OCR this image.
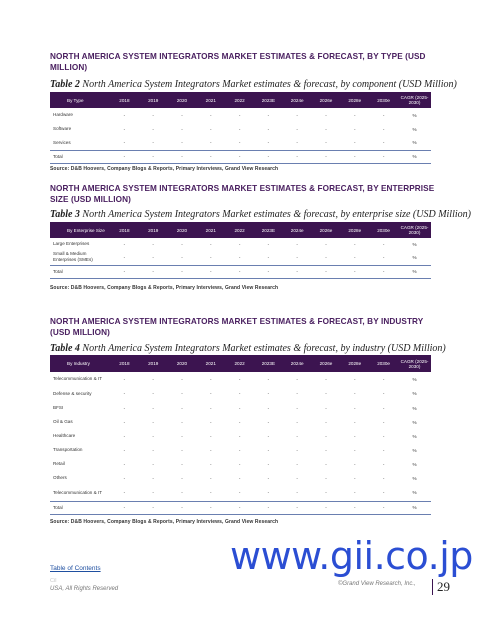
NORTH AMERICA SYSTEM INTEGRATORS MARKET ESTIMATES & FORECAST, BY TYPE (USD MILLION)
Table 2 North America System Integrators Market estimates & forecast, by component (USD Million)
By Type	2018	2019	2020	2021	2022	2023E	2024e	2026e	2028e	2030e	CAGR (2025-2030)
Hardware	-	-	-	-	-	-	-	-	-	-	%
Software	-	-	-	-	-	-	-	-	-	-	%
Services	-	-	-	-	-	-	-	-	-	-	%
Total	-	-	-	-	-	-	-	-	-	-	%
Source: D&B Hoovers, Company Blogs & Reports, Primary Interviews, Grand View Research
NORTH AMERICA SYSTEM INTEGRATORS MARKET ESTIMATES & FORECAST, BY ENTERPRISE SIZE (USD MILLION)
Table 3 North America System Integrators Market estimates & forecast, by enterprise size (USD Million)
By Enterprise Size	2018	2019	2020	2021	2022	2023E	2024e	2026e	2028e	2030e	CAGR (2025-2030)
Large Enterprises	-	-	-	-	-	-	-	-	-	-	%
Small & Medium Enterprises (SMEs)	-	-	-	-	-	-	-	-	-	-	%
Total	-	-	-	-	-	-	-	-	-	-	%
Source: D&B Hoovers, Company Blogs & Reports, Primary Interviews, Grand View Research
NORTH AMERICA SYSTEM INTEGRATORS MARKET ESTIMATES & FORECAST, BY INDUSTRY (USD MILLION)
Table 4 North America System Integrators Market estimates & forecast, by industry (USD Million)
By Industry	2018	2019	2020	2021	2022	2023E	2024e	2026e	2028e	2030e	CAGR (2025-2030)
Telecommunication & IT	-	-	-	-	-	-	-	-	-	-	%
Defense & security	-	-	-	-	-	-	-	-	-	-	%
BFSI	-	-	-	-	-	-	-	-	-	-	%
Oil & Gas	-	-	-	-	-	-	-	-	-	-	%
Healthcare	-	-	-	-	-	-	-	-	-	-	%
Transportation	-	-	-	-	-	-	-	-	-	-	%
Retail	-	-	-	-	-	-	-	-	-	-	%
Others	-	-	-	-	-	-	-	-	-	-	%
Telecommunication & IT	-	-	-	-	-	-	-	-	-	-	%
Total	-	-	-	-	-	-	-	-	-	-	%
Source: D&B Hoovers, Company Blogs & Reports, Primary Interviews, Grand View Research
www.gii.co.jp
Table of Contents
Cil
USA, All Rights Reserved
©Grand View Research, Inc.,	29
